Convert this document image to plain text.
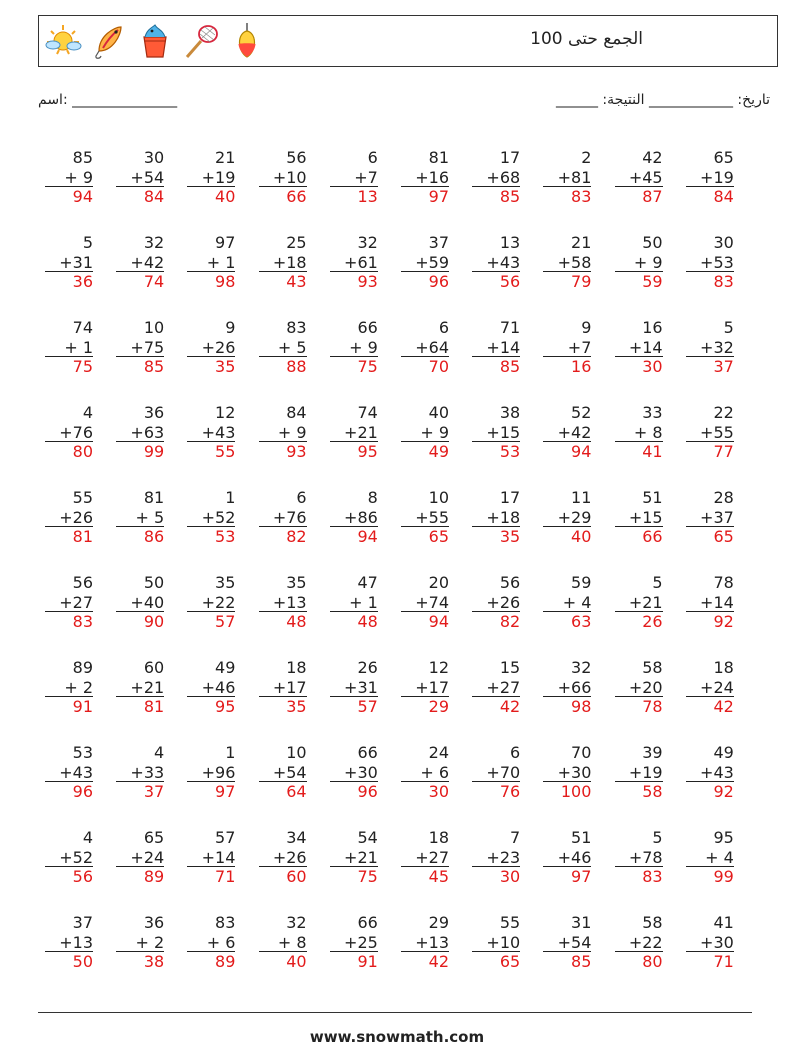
الجمع حتى 100
اسم: _______________	______ :تاريخ: ____________ النتيجة
85
+ 9
94
30
+54
84
21
+19
40
56
+10
66
6
+7
13
81
+16
97
17
+68
85
2
+81
83
42
+45
87
65
+19
84
5
+31
36
32
+42
74
97
+ 1
98
25
+18
43
32
+61
93
37
+59
96
13
+43
56
21
+58
79
50
+ 9
59
30
+53
83
74
+ 1
75
10
+75
85
9
+26
35
83
+ 5
88
66
+ 9
75
6
+64
70
71
+14
85
9
+7
16
16
+14
30
5
+32
37
4
+76
80
36
+63
99
12
+43
55
84
+ 9
93
74
+21
95
40
+ 9
49
38
+15
53
52
+42
94
33
+ 8
41
22
+55
77
55
+26
81
81
+ 5
86
1
+52
53
6
+76
82
8
+86
94
10
+55
65
17
+18
35
11
+29
40
51
+15
66
28
+37
65
56
+27
83
50
+40
90
35
+22
57
35
+13
48
47
+ 1
48
20
+74
94
56
+26
82
59
+ 4
63
5
+21
26
78
+14
92
89
+ 2
91
60
+21
81
49
+46
95
18
+17
35
26
+31
57
12
+17
29
15
+27
42
32
+66
98
58
+20
78
18
+24
42
53
+43
96
4
+33
37
1
+96
97
10
+54
64
66
+30
96
24
+ 6
30
6
+70
76
70
+30
100
39
+19
58
49
+43
92
4
+52
56
65
+24
89
57
+14
71
34
+26
60
54
+21
75
18
+27
45
7
+23
30
51
+46
97
5
+78
83
95
+ 4
99
37
+13
50
36
+ 2
38
83
+ 6
89
32
+ 8
40
66
+25
91
29
+13
42
55
+10
65
31
+54
85
58
+22
80
41
+30
71
www.snowmath.com
